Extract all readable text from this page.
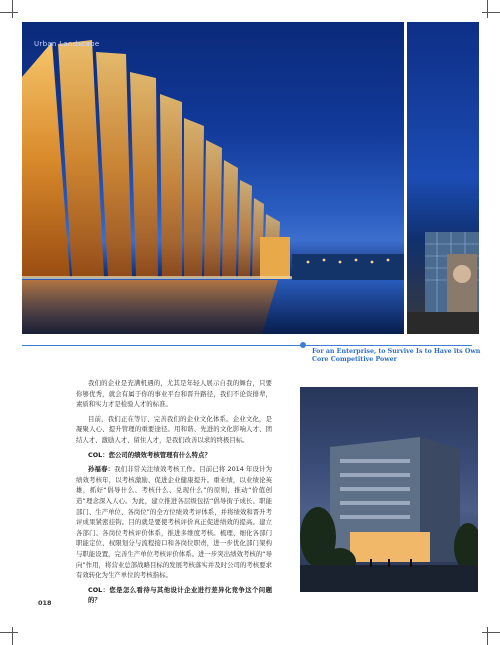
Urban Landscape
For an Enterprise, to Survive Is to Have its Own Core Competitive Power

我们的企业是充满机遇的，尤其是年轻人展示自我的舞台，只要你够优秀，就会有属于你的事业平台和晋升路径，我们不论资排辈，素质和实力才是检验人才的标准。

目前，我们正在等订、完善我们的企业文化体系。企业文化，是凝聚人心、提升管理的重要途径。用和谐、先进的文化影响人才、团结人才、激励人才、留住人才，是我们改善以求的终极目标。

COL：您公司的绩效考核管理有什么特点？

孙福春：我们非常关注绩效考核工作。目前已将 2014 年设计为绩效考核年，以考核激励、促进企业健康提升。重业绩，以业绩论英雄，抓好“倡导什么、考核什么、兑现什么”的原则，推动“价值创造”理念深入人心。为此，建立推进各层级包括“倡导街子成长、职能部门、生产单位、各岗位”的全方位绩效考评体系，并将绩效和晋升考评成果紧密挂钩。目的就是要使考核评价真正促进绩效的提高。建立各部门、各岗位考核评价体系，推进多维度考核。梳理、细化各部门职能定位、权限划分与流程接口和各岗位职责，进一步优化部门架构与职能设置，完善生产单位考核评价体系。进一步突出绩效考核的“导向”作用，将营业总部战略目标的发展考核落实并及时公司的考核要求有效转化为生产单位的考核指标。

COL：您是怎么看待与其他设计企业进行差异化竞争这个问题的？

018
